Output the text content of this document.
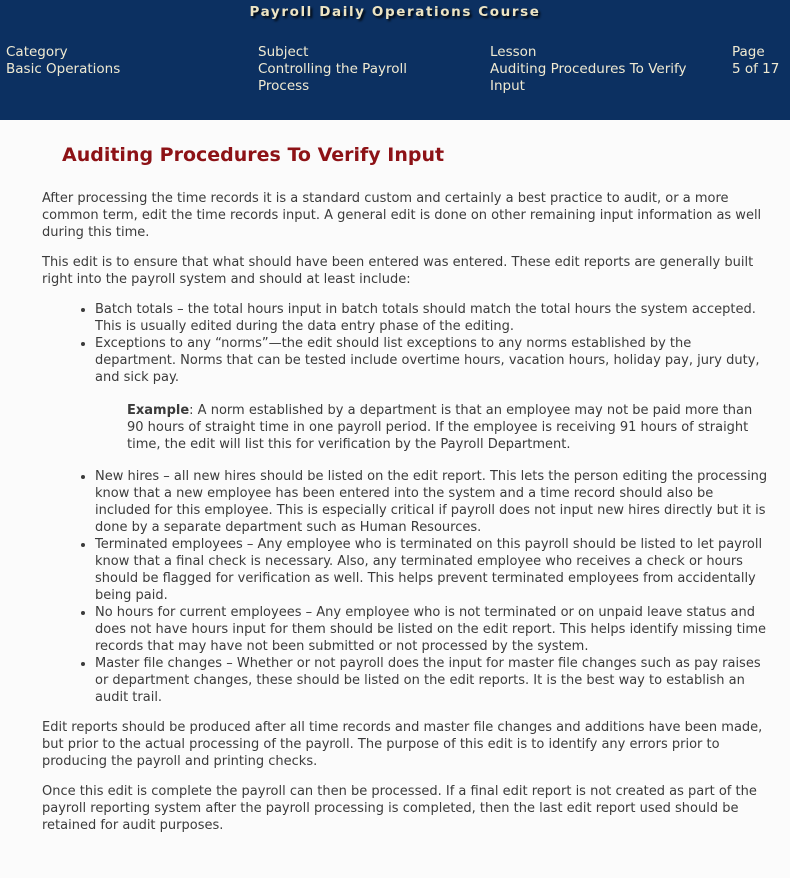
Payroll Daily Operations Course
Category
Basic Operations
Subject
Controlling the Payroll Process
Lesson
Auditing Procedures To Verify Input
Page
5 of 17
Auditing Procedures To Verify Input

After processing the time records it is a standard custom and certainly a best practice to audit, or a more common term, edit the time records input. A general edit is done on other remaining input information as well during this time.

This edit is to ensure that what should have been entered was entered. These edit reports are generally built right into the payroll system and should at least include:

• Batch totals – the total hours input in batch totals should match the total hours the system accepted. This is usually edited during the data entry phase of the editing.
• Exceptions to any “norms”—the edit should list exceptions to any norms established by the department. Norms that can be tested include overtime hours, vacation hours, holiday pay, jury duty, and sick pay.
Example: A norm established by a department is that an employee may not be paid more than 90 hours of straight time in one payroll period. If the employee is receiving 91 hours of straight time, the edit will list this for verification by the Payroll Department.
• New hires – all new hires should be listed on the edit report. This lets the person editing the processing know that a new employee has been entered into the system and a time record should also be included for this employee. This is especially critical if payroll does not input new hires directly but it is done by a separate department such as Human Resources.
• Terminated employees – Any employee who is terminated on this payroll should be listed to let payroll know that a final check is necessary. Also, any terminated employee who receives a check or hours should be flagged for verification as well. This helps prevent terminated employees from accidentally being paid.
• No hours for current employees – Any employee who is not terminated or on unpaid leave status and does not have hours input for them should be listed on the edit report. This helps identify missing time records that may have not been submitted or not processed by the system.
• Master file changes – Whether or not payroll does the input for master file changes such as pay raises or department changes, these should be listed on the edit reports. It is the best way to establish an audit trail.

Edit reports should be produced after all time records and master file changes and additions have been made, but prior to the actual processing of the payroll. The purpose of this edit is to identify any errors prior to producing the payroll and printing checks.

Once this edit is complete the payroll can then be processed. If a final edit report is not created as part of the payroll reporting system after the payroll processing is completed, then the last edit report used should be retained for audit purposes.
